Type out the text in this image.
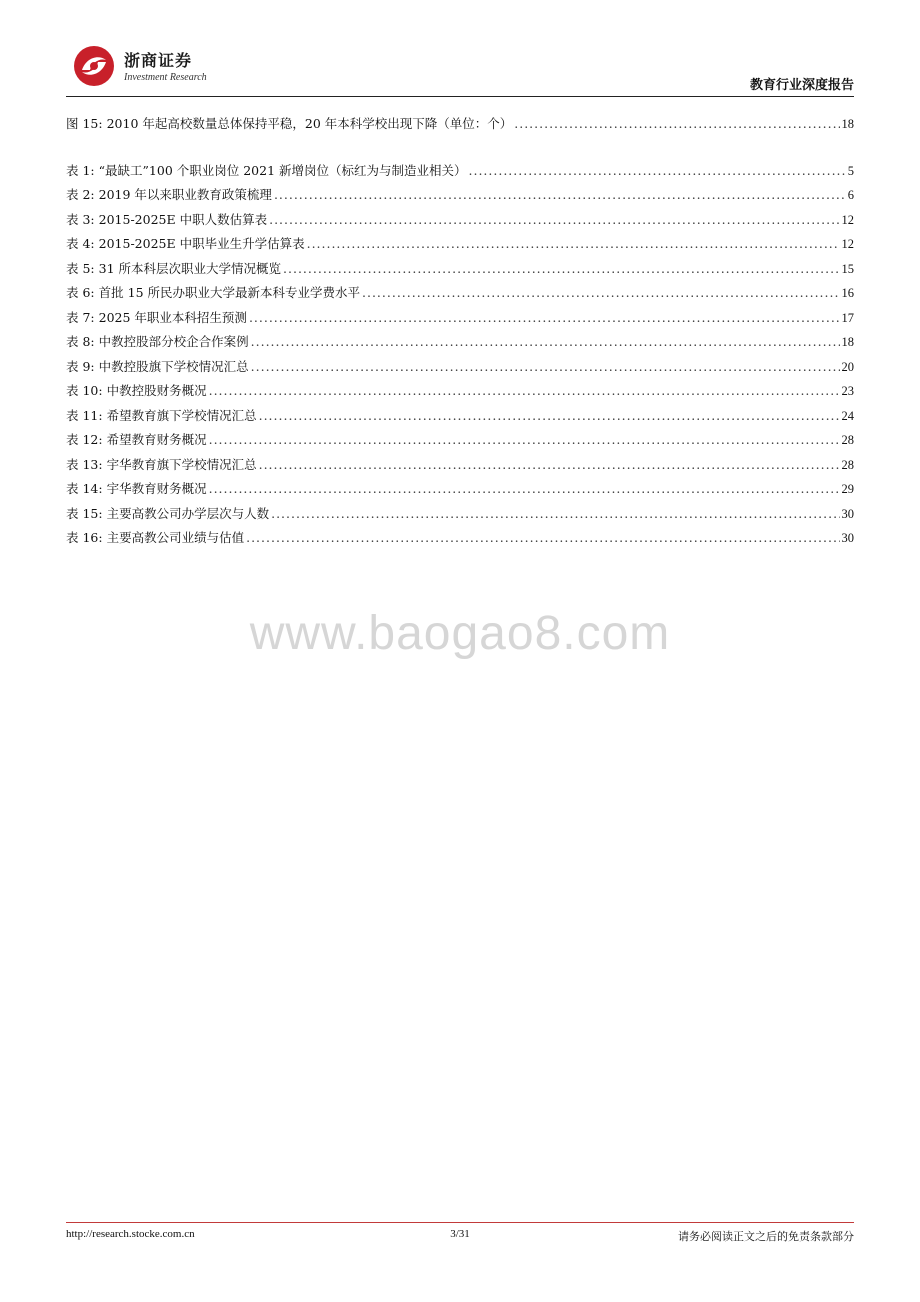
浙商证券
Investment Research
教育行业深度报告
图 15: 2010 年起高校数量总体保持平稳，20 年本科学校出现下降（单位：个） .....	18
表 1: “最缺工”100 个职业岗位 2021 新增岗位（标红为与制造业相关） .....	5
表 2: 2019 年以来职业教育政策梳理 .....	6
表 3: 2015-2025E 中职人数估算表 .....	12
表 4: 2015-2025E 中职毕业生升学估算表 .....	12
表 5: 31 所本科层次职业大学情况概览 .....	15
表 6: 首批 15 所民办职业大学最新本科专业学费水平 .....	16
表 7: 2025 年职业本科招生预测 .....	17
表 8: 中教控股部分校企合作案例 .....	18
表 9: 中教控股旗下学校情况汇总 .....	20
表 10: 中教控股财务概况 .....	23
表 11: 希望教育旗下学校情况汇总 .....	24
表 12: 希望教育财务概况 .....	28
表 13: 宇华教育旗下学校情况汇总 .....	28
表 14: 宇华教育财务概况 .....	29
表 15: 主要高教公司办学层次与人数 .....	30
表 16: 主要高教公司业绩与估值 .....	30
www.baogao8.com
http://research.stocke.com.cn	3/31	请务必阅读正文之后的免责条款部分
